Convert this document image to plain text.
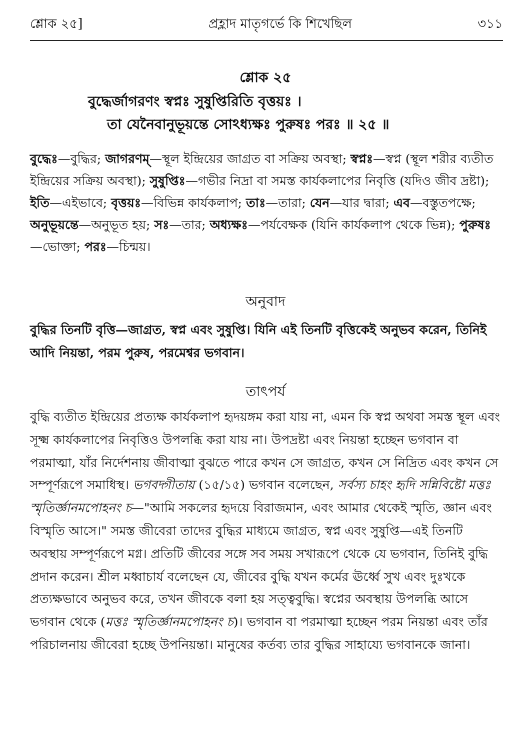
শ্লোক ২৫]	প্রহ্লাদ মাতৃগর্ভে কি শিখেছিল	৩১১
শ্লোক ২৫
বুদ্ধের্জাগরণং স্বপ্নঃ সুষুপ্তিরিতি বৃত্তয়ঃ ।
তা যেনৈবানুভূয়ন্তে সোঽধ্যক্ষঃ পুরুষঃ পরঃ ॥ ২৫ ॥

বুদ্ধেঃ—বুদ্ধির; জাগরণম্—স্থূল ইন্দ্রিয়ের জাগ্রত বা সক্রিয় অবস্থা; স্বপ্নঃ—স্বপ্ন (স্থূল শরীর ব্যতীত ইন্দ্রিয়ের সক্রিয় অবস্থা); সুষুপ্তিঃ—গভীর নিদ্রা বা সমস্ত কার্যকলাপের নিবৃত্তি (যদিও জীব দ্রষ্টা); ইতি—এইভাবে; বৃত্তয়ঃ—বিভিন্ন কার্যকলাপ; তাঃ—তারা; যেন—যার দ্বারা; এব—বস্তুতপক্ষে; অনুভূয়ন্তে—অনুভূত হয়; সঃ—তার; অধ্যক্ষঃ—পর্যবেক্ষক (যিনি কার্যকলাপ থেকে ভিন্ন); পুরুষঃ—ভোক্তা; পরঃ—চিন্ময়।

অনুবাদ

বুদ্ধির তিনটি বৃত্তি—জাগ্রত, স্বপ্ন এবং সুষুপ্তি। যিনি এই তিনটি বৃত্তিকেই অনুভব করেন, তিনিই আদি নিয়ন্তা, পরম পুরুষ, পরমেশ্বর ভগবান।

তাৎপর্য

বুদ্ধি ব্যতীত ইন্দ্রিয়ের প্রত্যক্ষ কার্যকলাপ হৃদয়ঙ্গম করা যায় না, এমন কি স্বপ্ন অথবা সমস্ত স্থূল এবং সূক্ষ্ম কার্যকলাপের নিবৃত্তিও উপলব্ধি করা যায় না। উপদ্রষ্টা এবং নিয়ন্তা হচ্ছেন ভগবান বা পরমাত্মা, যাঁর নির্দেশনায় জীবাত্মা বুঝতে পারে কখন সে জাগ্রত, কখন সে নিদ্রিত এবং কখন সে সম্পূর্ণরূপে সমাধিস্থ। ভগবদ্গীতায় (১৫/১৫) ভগবান বলেছেন, সর্বস্য চাহং হৃদি সন্নিবিষ্টো মত্তঃ স্মৃতির্জ্ঞানমপোহনং চ—"আমি সকলের হৃদয়ে বিরাজমান, এবং আমার থেকেই স্মৃতি, জ্ঞান এবং বিস্মৃতি আসে।" সমস্ত জীবেরা তাদের বুদ্ধির মাধ্যমে জাগ্রত, স্বপ্ন এবং সুষুপ্তি—এই তিনটি অবস্থায় সম্পূর্ণরূপে মগ্ন। প্রতিটি জীবের সঙ্গে সব সময় সখারূপে থেকে যে ভগবান, তিনিই বুদ্ধি প্রদান করেন। শ্রীল মধ্বাচার্য বলেছেন যে, জীবের বুদ্ধি যখন কর্মের ঊর্ধ্বে সুখ এবং দুঃখকে প্রত্যক্ষভাবে অনুভব করে, তখন জীবকে বলা হয় সত্ত্ববুদ্ধি। স্বপ্নের অবস্থায় উপলব্ধি আসে ভগবান থেকে (মত্তঃ স্মৃতির্জ্ঞানমপোহনং চ)। ভগবান বা পরমাত্মা হচ্ছেন পরম নিয়ন্তা এবং তাঁর পরিচালনায় জীবেরা হচ্ছে উপনিয়ন্তা। মানুষের কর্তব্য তার বুদ্ধির সাহায্যে ভগবানকে জানা।
